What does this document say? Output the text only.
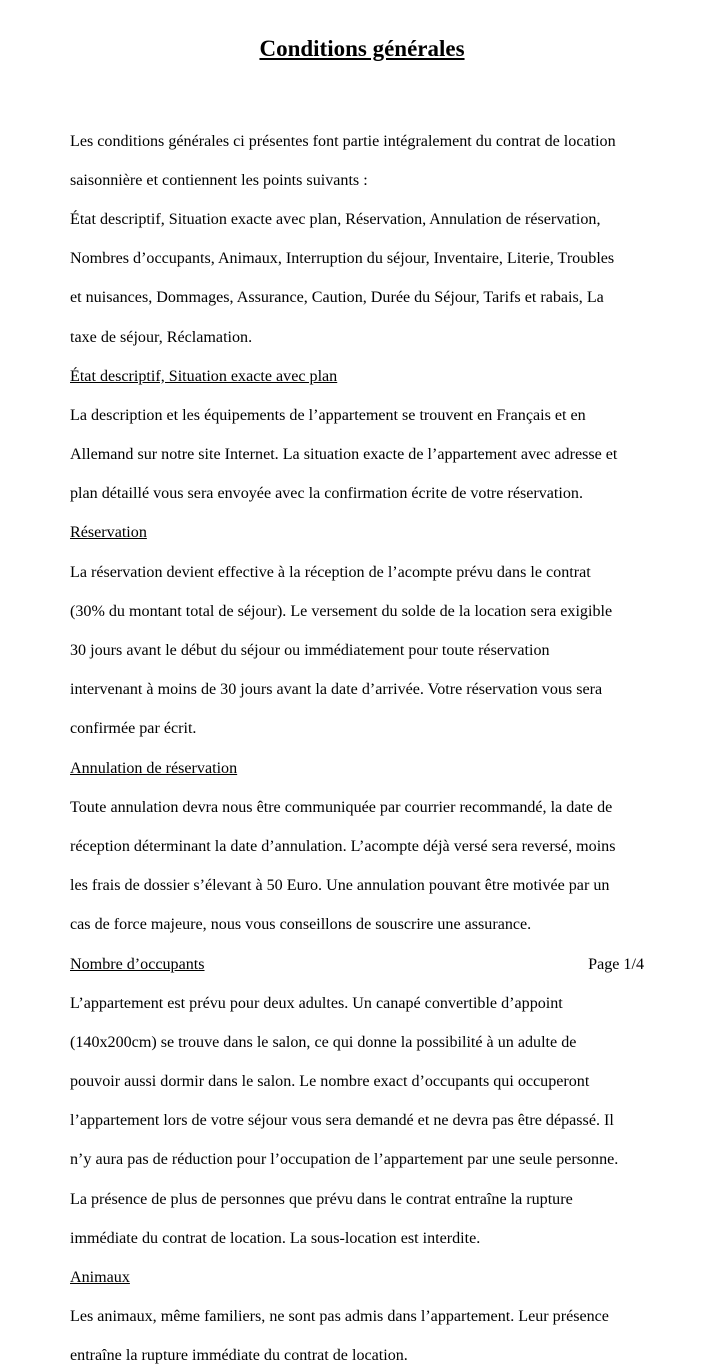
Conditions générales

Les conditions générales ci présentes font partie intégralement du contrat de location

saisonnière et contiennent les points suivants :

État descriptif, Situation exacte avec plan, Réservation, Annulation de réservation,

Nombres d’occupants, Animaux, Interruption du séjour, Inventaire, Literie, Troubles

et nuisances, Dommages, Assurance, Caution, Durée du Séjour, Tarifs et rabais, La

taxe de séjour, Réclamation.

État descriptif, Situation exacte avec plan

La description et les équipements de l’appartement se trouvent en Français et en

Allemand sur notre site Internet. La situation exacte de l’appartement avec adresse et

plan détaillé vous sera envoyée avec la confirmation écrite de votre réservation.

Réservation

La réservation devient effective à la réception de l’acompte prévu dans le contrat

(30% du montant total de séjour). Le versement du solde de la location sera exigible

30 jours avant le début du séjour ou immédiatement pour toute réservation

intervenant à moins de 30 jours avant la date d’arrivée. Votre réservation vous sera

confirmée par écrit.

Annulation de réservation

Toute annulation devra nous être communiquée par courrier recommandé, la date de

réception déterminant la date d’annulation. L’acompte déjà versé sera reversé, moins

les frais de dossier s’élevant à 50 Euro. Une annulation pouvant être motivée par un

cas de force majeure, nous vous conseillons de souscrire une assurance.

Nombre d’occupants

L’appartement est prévu pour deux adultes. Un canapé convertible d’appoint

(140x200cm) se trouve dans le salon, ce qui donne la possibilité à un adulte de

pouvoir aussi dormir dans le salon. Le nombre exact d’occupants qui occuperont

l’appartement lors de votre séjour vous sera demandé et ne devra pas être dépassé. Il

n’y aura pas de réduction pour l’occupation de l’appartement par une seule personne.

La présence de plus de personnes que prévu dans le contrat entraîne la rupture

immédiate du contrat de location. La sous-location est interdite.

Animaux

Les animaux, même familiers, ne sont pas admis dans l’appartement. Leur présence

entraîne la rupture immédiate du contrat de location.

Page 1/4
